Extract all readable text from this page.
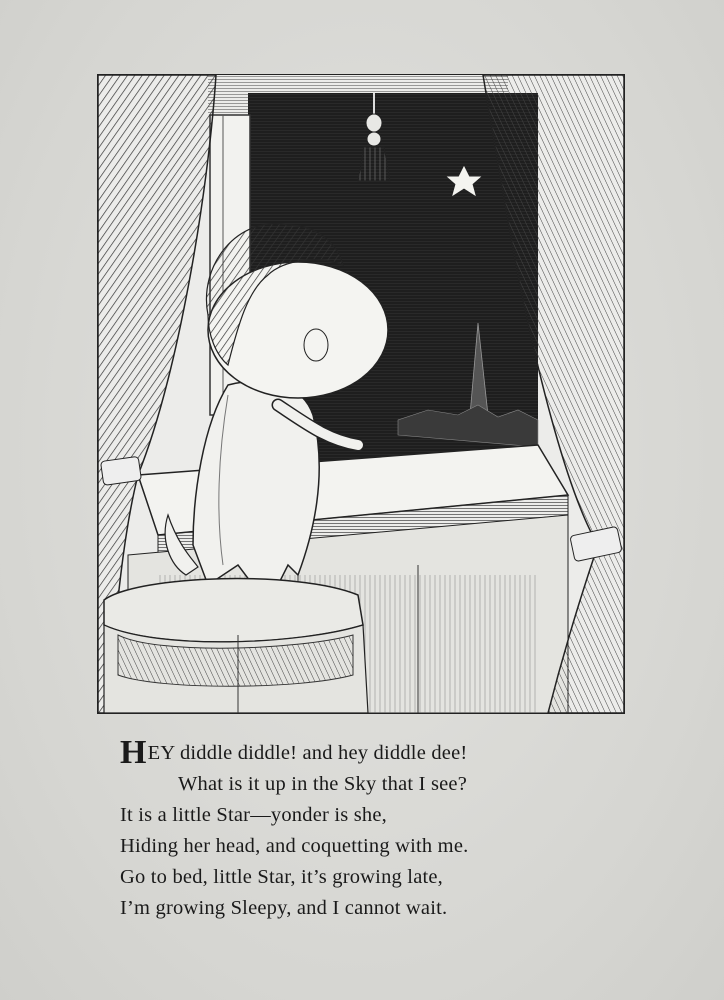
HEY diddle diddle! and hey diddle dee!
What is it up in the Sky that I see?
It is a little Star—yonder is she,
Hiding her head, and coquetting with me.
Go to bed, little Star, it’s growing late,
I’m growing Sleepy, and I cannot wait.
